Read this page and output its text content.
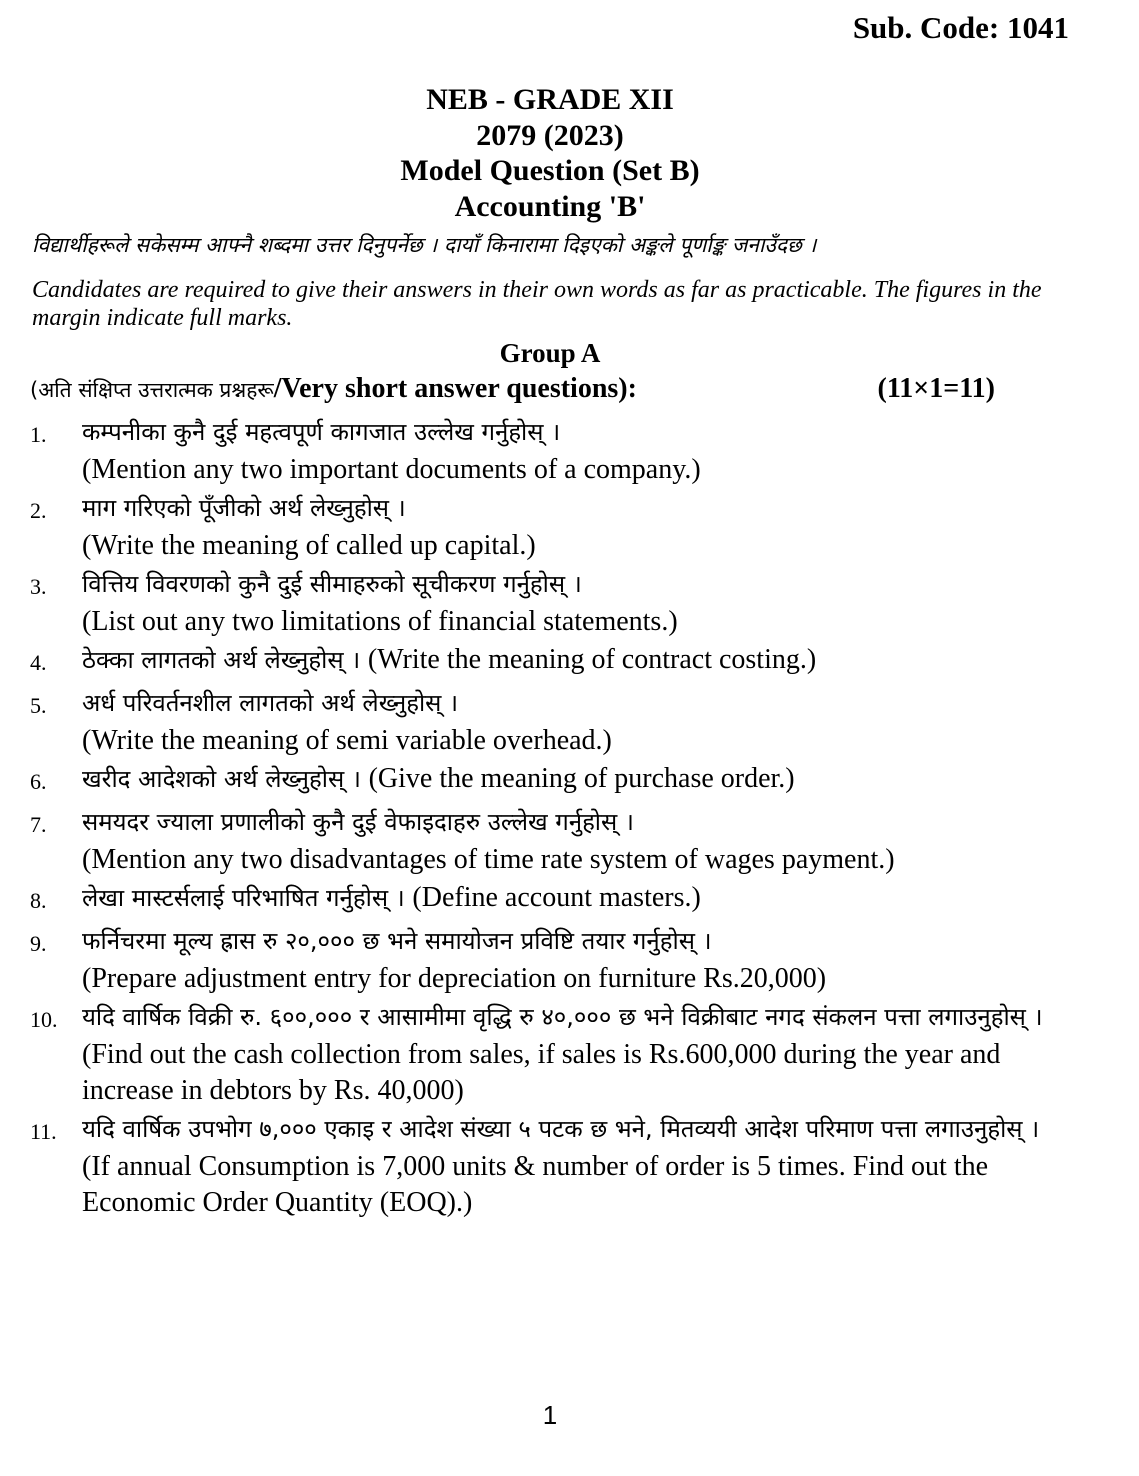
Sub. Code: 1041
NEB - GRADE XII
2079 (2023)
Model Question (Set B)
Accounting 'B'
विद्यार्थीहरूले सकेसम्म आफ्नै शब्दमा उत्तर दिनुपर्नेछ । दायाँ किनारामा दिइएको अङ्कले पूर्णाङ्क जनाउँदछ ।
Candidates are required to give their answers in their own words as far as practicable. The figures in the margin indicate full marks.
Group A
(अति संक्षिप्त उत्तरात्मक प्रश्नहरू/Very short answer questions):	(11×1=11)
1.	कम्पनीका कुनै दुई महत्वपूर्ण कागजात उल्लेख गर्नुहोस् ।
(Mention any two important documents of a company.)
2.	माग गरिएको पूँजीको अर्थ लेख्नुहोस् ।
(Write the meaning of called up capital.)
3.	वित्तिय विवरणको कुनै दुई सीमाहरुको सूचीकरण गर्नुहोस् ।
(List out any two limitations of financial statements.)
4.	ठेक्का लागतको अर्थ लेख्नुहोस् । (Write the meaning of contract costing.)
5.	अर्ध परिवर्तनशील लागतको अर्थ लेख्नुहोस् ।
(Write the meaning of semi variable overhead.)
6.	खरीद आदेशको अर्थ लेख्नुहोस् । (Give the meaning of purchase order.)
7.	समयदर ज्याला प्रणालीको कुनै दुई वेफाइदाहरु उल्लेख गर्नुहोस् ।
(Mention any two disadvantages of time rate system of wages payment.)
8.	लेखा मास्टर्सलाई परिभाषित गर्नुहोस् । (Define account masters.)
9.	फर्निचरमा मूल्य ह्रास रु २०,००० छ भने समायोजन प्रविष्टि तयार गर्नुहोस् ।
(Prepare adjustment entry for depreciation on furniture Rs.20,000)
10.	यदि वार्षिक विक्री रु. ६००,००० र आसामीमा वृद्धि रु ४०,००० छ भने विक्रीबाट नगद संकलन पत्ता लगाउनुहोस् ।
(Find out the cash collection from sales, if sales is Rs.600,000 during the year and increase in debtors by Rs. 40,000)
11.	यदि वार्षिक उपभोग ७,००० एकाइ र आदेश संख्या ५ पटक छ भने, मितव्ययी आदेश परिमाण पत्ता लगाउनुहोस् ।
(If annual Consumption is 7,000 units & number of order is 5 times. Find out the Economic Order Quantity (EOQ).)
1
